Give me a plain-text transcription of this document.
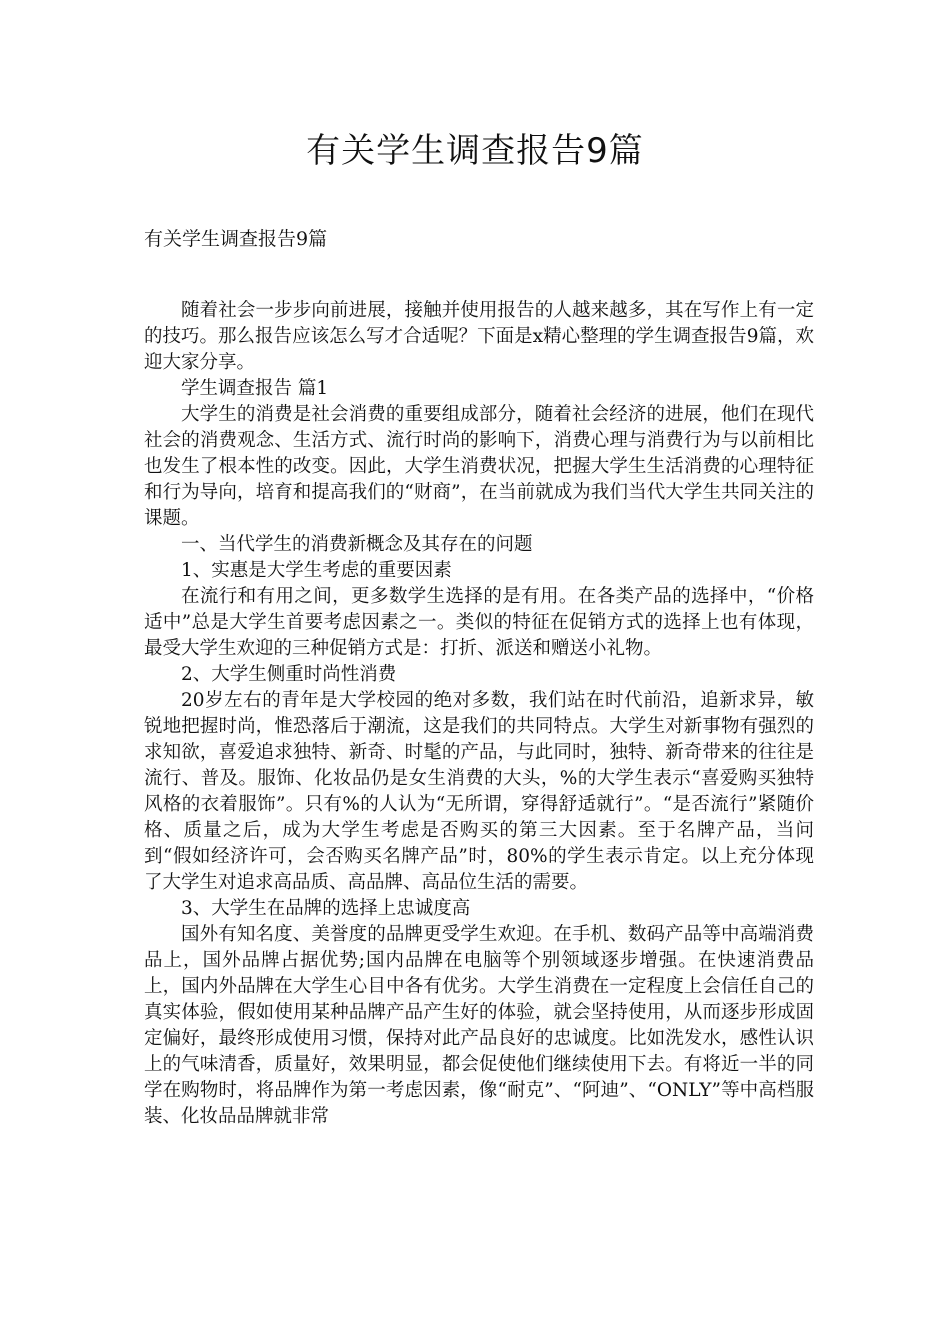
有关学生调查报告9篇

有关学生调查报告9篇

随着社会一步步向前进展，接触并使用报告的人越来越多，其在写作上有一定的技巧。那么报告应该怎么写才合适呢？下面是x精心整理的学生调查报告9篇，欢迎大家分享。

学生调查报告 篇1

大学生的消费是社会消费的重要组成部分，随着社会经济的进展，他们在现代社会的消费观念、生活方式、流行时尚的影响下，消费心理与消费行为与以前相比也发生了根本性的改变。因此，大学生消费状况，把握大学生生活消费的心理特征和行为导向，培育和提高我们的“财商”，在当前就成为我们当代大学生共同关注的课题。

一、当代学生的消费新概念及其存在的问题

1、实惠是大学生考虑的重要因素

在流行和有用之间，更多数学生选择的是有用。在各类产品的选择中，“价格适中”总是大学生首要考虑因素之一。类似的特征在促销方式的选择上也有体现，最受大学生欢迎的三种促销方式是：打折、派送和赠送小礼物。

2、大学生侧重时尚性消费

20岁左右的青年是大学校园的绝对多数，我们站在时代前沿，追新求异，敏锐地把握时尚，惟恐落后于潮流，这是我们的共同特点。大学生对新事物有强烈的求知欲，喜爱追求独特、新奇、时髦的产品，与此同时，独特、新奇带来的往往是流行、普及。服饰、化妆品仍是女生消费的大头，%的大学生表示“喜爱购买独特风格的衣着服饰”。只有%的人认为“无所谓，穿得舒适就行”。“是否流行”紧随价格、质量之后，成为大学生考虑是否购买的第三大因素。至于名牌产品，当问到“假如经济许可，会否购买名牌产品”时，80%的学生表示肯定。以上充分体现了大学生对追求高品质、高品牌、高品位生活的需要。

3、大学生在品牌的选择上忠诚度高

国外有知名度、美誉度的品牌更受学生欢迎。在手机、数码产品等中高端消费品上，国外品牌占据优势;国内品牌在电脑等个别领域逐步增强。在快速消费品上，国内外品牌在大学生心目中各有优劣。大学生消费在一定程度上会信任自己的真实体验，假如使用某种品牌产品产生好的体验，就会坚持使用，从而逐步形成固定偏好，最终形成使用习惯，保持对此产品良好的忠诚度。比如洗发水，感性认识上的气味清香，质量好，效果明显，都会促使他们继续使用下去。有将近一半的同学在购物时，将品牌作为第一考虑因素，像“耐克”、“阿迪”、“ONLY”等中高档服装、化妆品品牌就非常
